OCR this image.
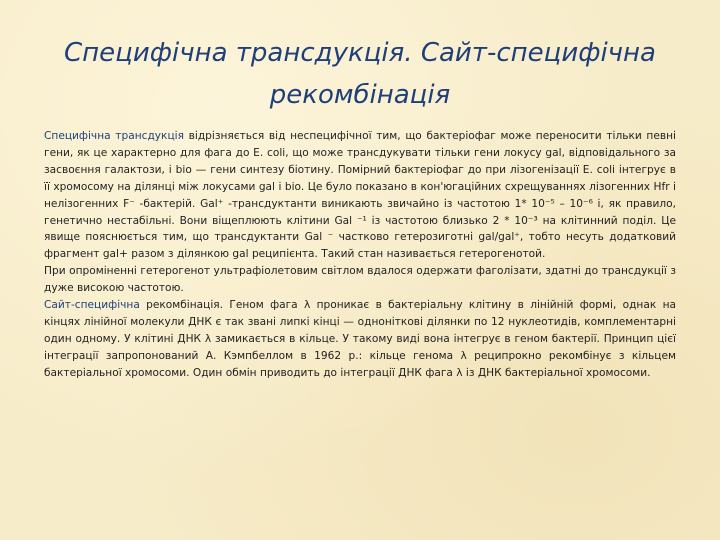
Специфічна трансдукція. Сайт-специфічна рекомбінація

Специфічна трансдукція відрізняється від неспецифічної тим, що бактеріофаг може переносити тільки певні гени, як це характерно для фага до E. coli, що може трансдукувати тільки гени локусу gal, відповідального за засвоєння галактози, і bio — гени синтезу біотину. Помірний бактеріофаг до при лізогенізації E. coli інтегрує в її хромосому на ділянці між локусами gal і bio. Це було показано в кон'югаційних схрещуваннях лізогенних Hfr і нелізогенних F⁻ -бактерій. Gal⁺ -трансдуктанти виникають звичайно із частотою 1* 10⁻⁵ – 10⁻⁶ і, як правило, генетично нестабільні. Вони віщеплюють клітини Gal ⁻¹ із частотою близько 2 * 10⁻³ на клітинний поділ. Це явище пояснюється тим, що трансдуктанти Gal ⁻ частково гетерозиготні gal/gal⁺, тобто несуть додатковий фрагмент gal+ разом з ділянкою gal реципієнта. Такий стан називається гетерогенотой.

При опроміненні гетерогенот ультрафіолетовим світлом вдалося одержати фаголізати, здатні до трансдукції з дуже високою частотою.

Сайт-специфічна рекомбінація. Геном фага λ проникає в бактеріальну клітину в лінійній формі, однак на кінцях лінійної молекули ДНК є так звані липкі кінці — одноніткові ділянки по 12 нуклеотидів, комплементарні один одному. У клітині ДНК λ замикається в кільце. У такому виді вона інтегрує в геном бактерії. Принцип цієї інтеграції запропонований А. Кэмпбеллом в 1962 р.: кільце генома λ реципрокно рекомбінує з кільцем бактеріальної хромосоми. Один обмін приводить до інтеграції ДНК фага λ із ДНК бактеріальної хромосоми.
